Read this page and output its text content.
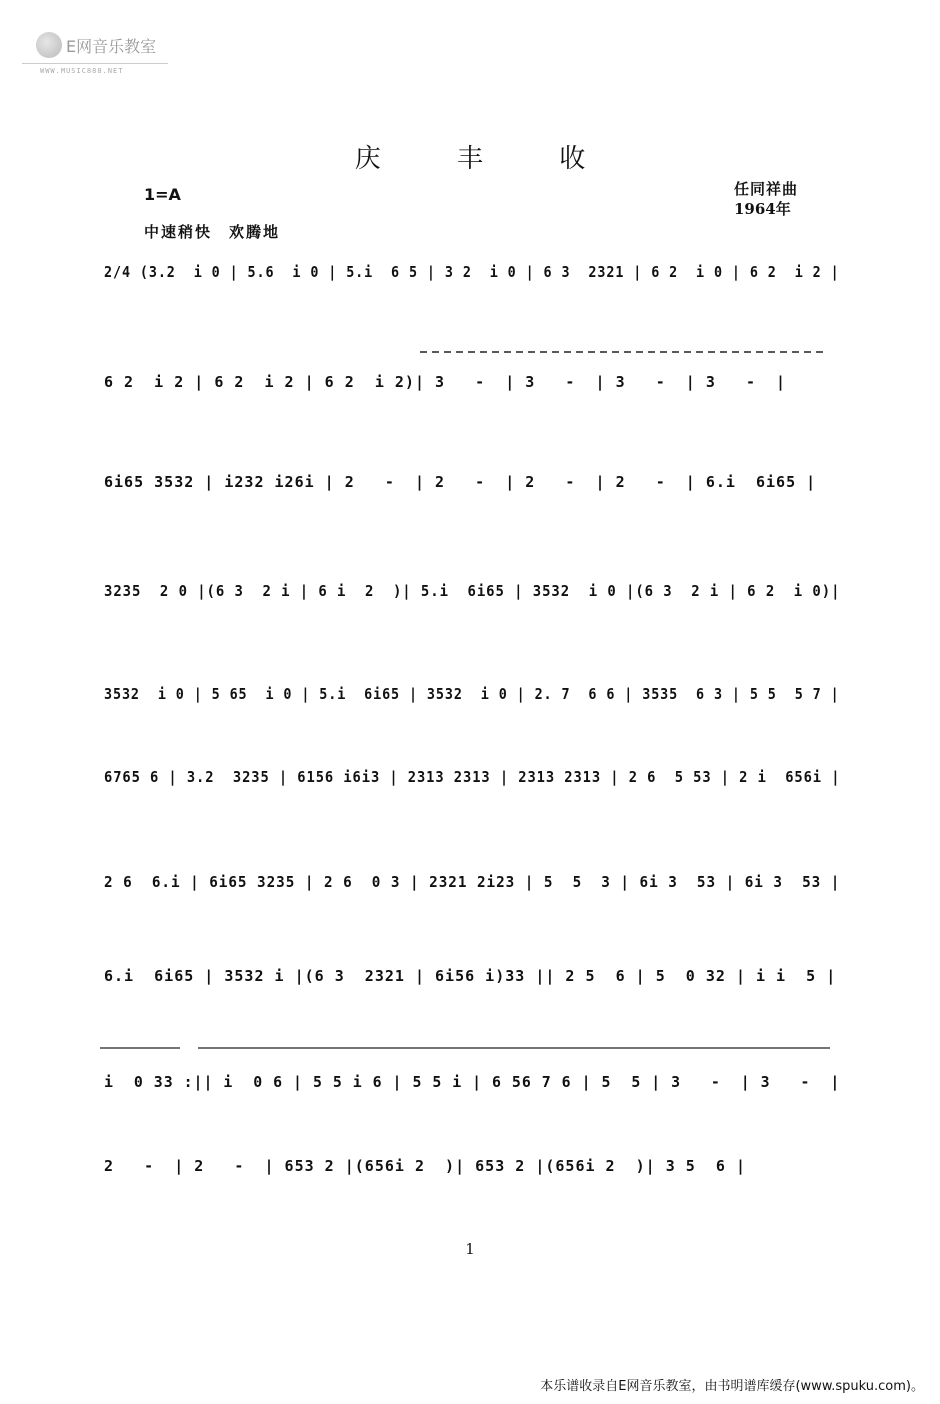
E网音乐教室
WWW.MUSIC888.NET
庆 丰 收
1=A
中速稍快　欢腾地
任同祥曲
1964年
2/4 (3.2  i 0 | 5.6  i 0 | 5.i  6 5 | 3 2  i 0 | 6 3  2321 | 6 2  i 0 | 6 2  i 2 |
6 2  i 2 | 6 2  i 2 | 6 2  i 2)| 3   -  | 3   -  | 3   -  | 3   -  |
6i65 3532 | i232 i26i | 2   -  | 2   -  | 2   -  | 2   -  | 6.i  6i65 |
3235  2 0 |(6 3  2 i | 6 i  2  )| 5.i  6i65 | 3532  i 0 |(6 3  2 i | 6 2  i 0)|
3532  i 0 | 5 65  i 0 | 5.i  6i65 | 3532  i 0 | 2. 7  6 6 | 3535  6 3 | 5 5  5 7 |
6765 6 | 3.2  3235 | 6156 i6i3 | 2313 2313 | 2313 2313 | 2 6  5 53 | 2 i  656i |
2 6  6.i | 6i65 3235 | 2 6  0 3 | 2321 2i23 | 5  5  3 | 6i 3  53 | 6i 3  53 |
6.i  6i65 | 3532 i |(6 3  2321 | 6i56 i)33 || 2 5  6 | 5  0 32 | i i  5 |
i  0 33 :|| i  0 6 | 5 5 i 6 | 5 5 i | 6 56 7 6 | 5  5 | 3   -  | 3   -  |
2   -  | 2   -  | 653 2 |(656i 2  )| 653 2 |(656i 2  )| 3 5  6 |
1
本乐谱收录自E网音乐教室，由书明谱库缓存(www.spuku.com)。
